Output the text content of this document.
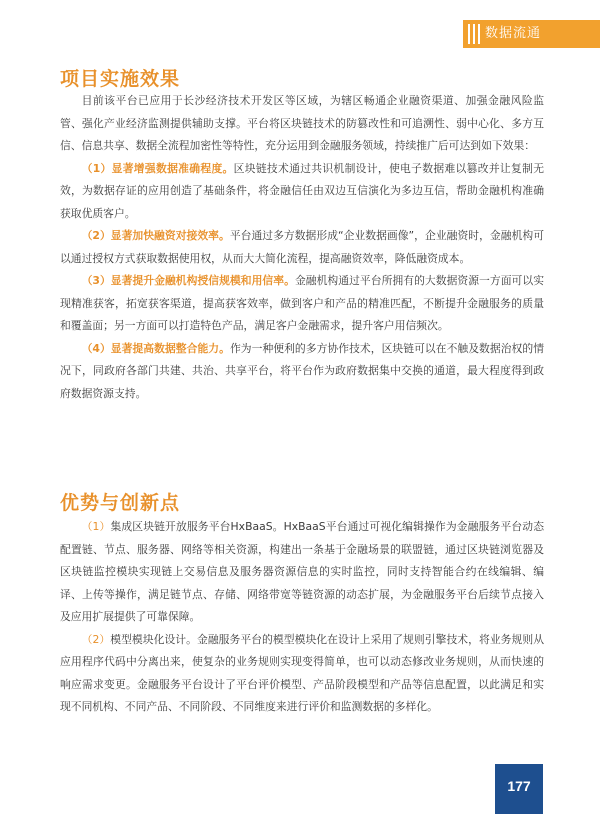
数据流通
项目实施效果

目前该平台已应用于长沙经济技术开发区等区域，为辖区畅通企业融资渠道、加强金融风险监管、强化产业经济监测提供辅助支撑。平台将区块链技术的防篡改性和可追溯性、弱中心化、多方互信、信息共享、数据全流程加密性等特性，充分运用到金融服务领域，持续推广后可达到如下效果：

（1）显著增强数据准确程度。区块链技术通过共识机制设计，使电子数据难以篡改并让复制无效，为数据存证的应用创造了基础条件，将金融信任由双边互信演化为多边互信，帮助金融机构准确获取优质客户。

（2）显著加快融资对接效率。平台通过多方数据形成“企业数据画像”，企业融资时，金融机构可以通过授权方式获取数据使用权，从而大大简化流程，提高融资效率，降低融资成本。

（3）显著提升金融机构授信规模和用信率。金融机构通过平台所拥有的大数据资源一方面可以实现精准获客，拓宽获客渠道，提高获客效率，做到客户和产品的精准匹配，不断提升金融服务的质量和覆盖面；另一方面可以打造特色产品，满足客户金融需求，提升客户用信频次。

（4）显著提高数据整合能力。作为一种便利的多方协作技术，区块链可以在不触及数据治权的情况下，同政府各部门共建、共治、共享平台，将平台作为政府数据集中交换的通道，最大程度得到政府数据资源支持。

优势与创新点

（1）集成区块链开放服务平台HxBaaS。HxBaaS平台通过可视化编辑操作为金融服务平台动态配置链、节点、服务器、网络等相关资源，构建出一条基于金融场景的联盟链，通过区块链浏览器及区块链监控模块实现链上交易信息及服务器资源信息的实时监控，同时支持智能合约在线编辑、编译、上传等操作，满足链节点、存储、网络带宽等链资源的动态扩展，为金融服务平台后续节点接入及应用扩展提供了可靠保障。

（2）模型模块化设计。金融服务平台的模型模块化在设计上采用了规则引擎技术，将业务规则从应用程序代码中分离出来，使复杂的业务规则实现变得简单，也可以动态修改业务规则，从而快速的响应需求变更。金融服务平台设计了平台评价模型、产品阶段模型和产品等信息配置，以此满足和实现不同机构、不同产品、不同阶段、不同维度来进行评价和监测数据的多样化。

177
